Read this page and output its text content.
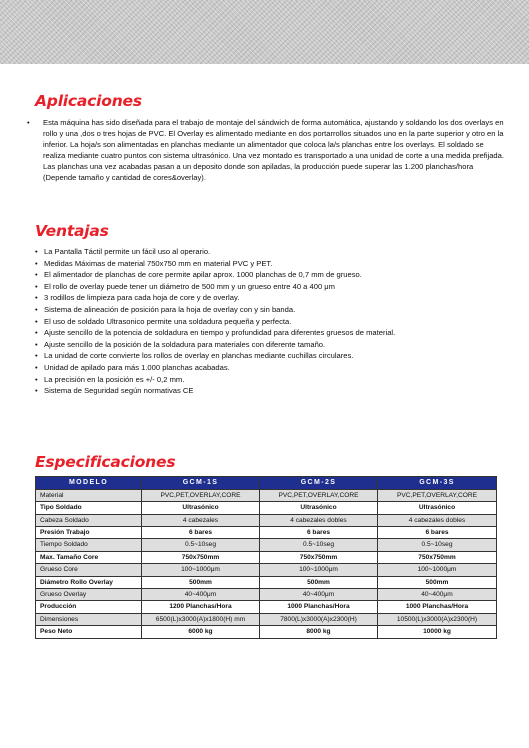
Aplicaciones

• Esta máquina has sido diseñada para el trabajo de montaje del sándwich de forma automática, ajustando y soldando los dos overlays en rollo y una ,dos o tres hojas de PVC. El Overlay es alimentado mediante en dos portarrollos situados uno en la parte superior y otro en la inferior. La hoja/s son alimentadas en planchas mediante un alimentador que coloca la/s planchas entre los overlays. El soldado se realiza mediante cuatro puntos con sistema ultrasónico. Una vez montado es transportado a una unidad de corte a una medida prefijada. Las planchas una vez acabadas pasan a un deposito donde son apiladas, la producción puede superar las 1.200 planchas/hora (Depende tamaño y cantidad de cores&overlay).

Ventajas
• La Pantalla Táctil permite un fácil uso al operario.
• Medidas Máximas de material 750x750 mm en material PVC y PET.
• El alimentador de planchas de core permite apilar aprox. 1000 planchas de 0,7 mm de grueso.
• El rollo de overlay puede tener un diámetro de 500 mm y un grueso entre 40 a 400 μm
• 3 rodillos de limpieza para cada hoja de core y de overlay.
• Sistema de alineación de posición para la hoja de overlay con y sin banda.
• El uso de soldado Ultrasonico permite una soldadura pequeña y perfecta.
• Ajuste sencillo de la potencia de soldadura en tiempo y profundidad para diferentes gruesos de material.
• Ajuste sencillo de la posición de la soldadura para materiales con diferente tamaño.
• La unidad de corte convierte los rollos de overlay en planchas mediante cuchillas circulares.
• Unidad de apilado para más 1.000 planchas acabadas.
• La precisión en la posición es +/- 0,2 mm.
• Sistema de Seguridad según normativas CE
Especificaciones
MODELO	GCM-1S	GCM-2S	GCM-3S
Material	PVC,PET,OVERLAY,CORE	PVC,PET,OVERLAY,CORE	PVC,PET,OVERLAY,CORE
Tipo Soldado	Ultrasónico	Ultrasónico	Ultrasónico
Cabeza Soldado	4 cabezales	4 cabezales dobles	4 cabezales dobles
Presión Trabajo	6 bares	6 bares	6 bares
Tiempo Soldado	0.5~10seg	0.5~10seg	0.5~10seg
Max. Tamaño Core	750x750mm	750x750mm	750x750mm
Grueso Core	100~1000μm	100~1000μm	100~1000μm
Diámetro Rollo Overlay	500mm	500mm	500mm
Grueso Overlay	40~400μm	40~400μm	40~400μm
Producción	1200 Planchas/Hora	1000 Planchas/Hora	1000 Planchas/Hora
Dimensiones	6500(L)x3000(A)x1800(H) mm	7800(L)x3000(A)x2300(H)	10500(L)x3000(A)x2300(H)
Peso Neto	6000 kg	8000 kg	10000 kg
